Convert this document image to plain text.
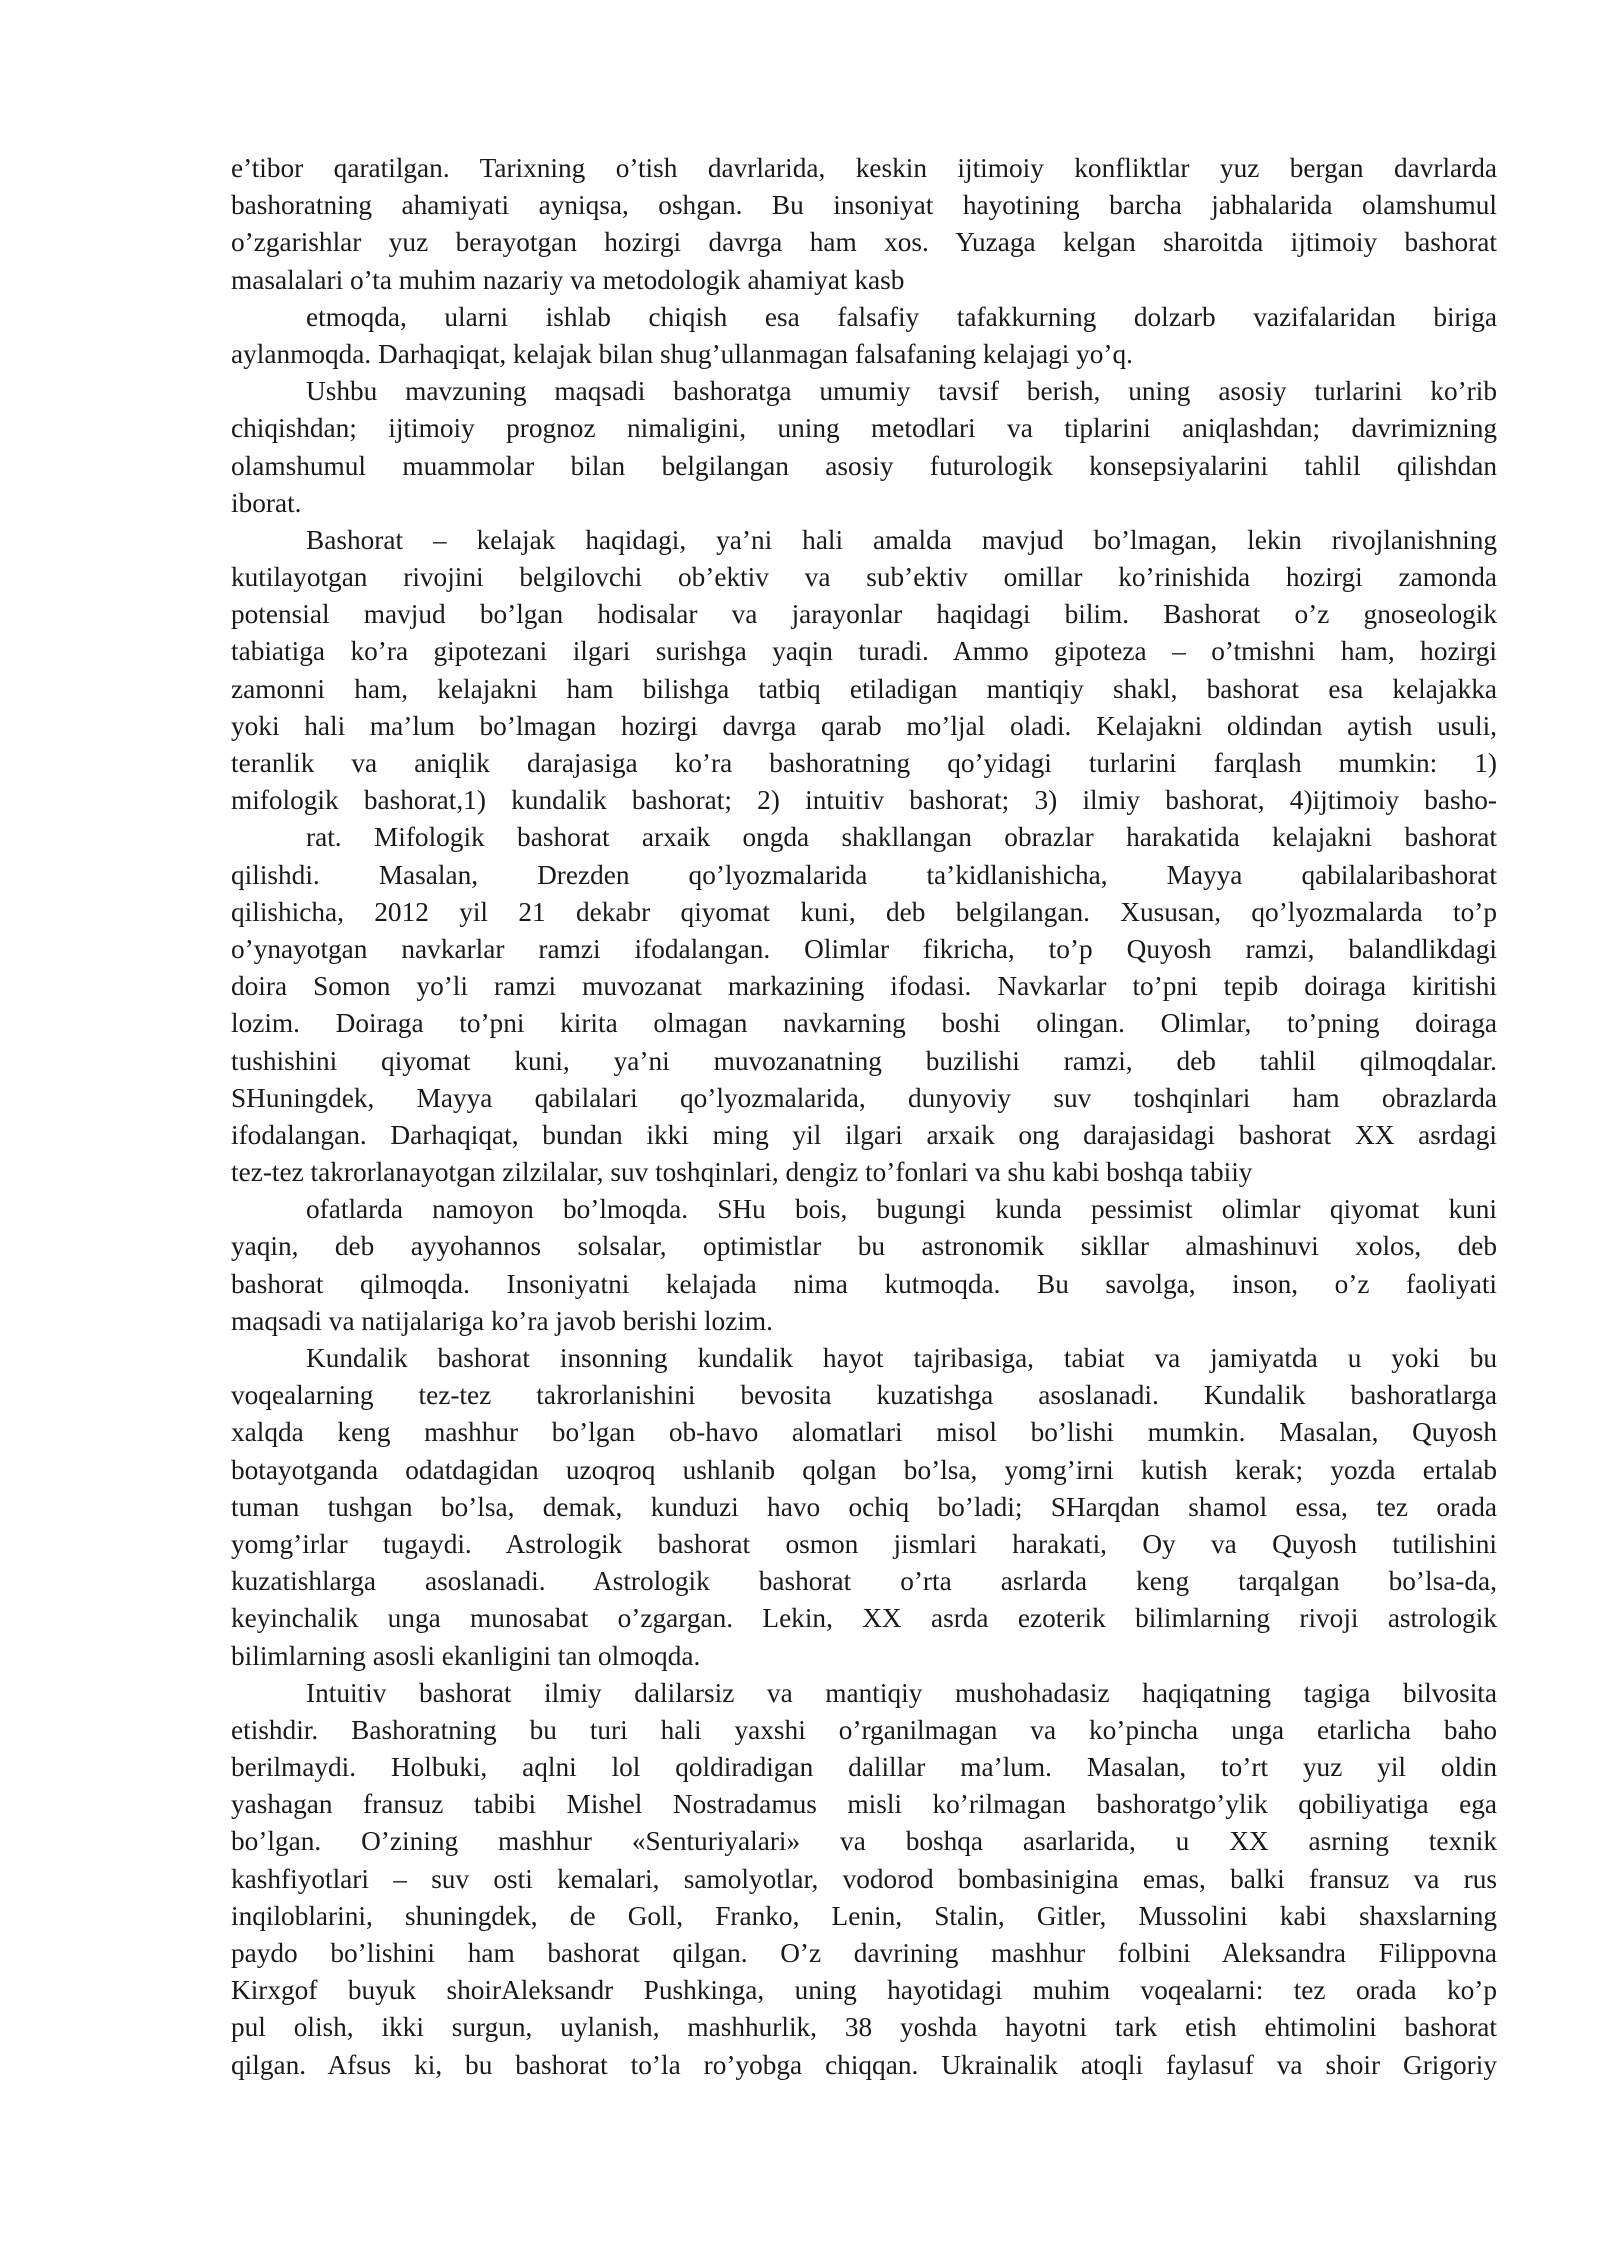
e’tibor qaratilgan. Tarixning o’tish davrlarida, keskin ijtimoiy konfliktlar yuz bergan davrlarda
bashoratning ahamiyati ayniqsa, oshgan. Bu insoniyat hayotining barcha jabhalarida olamshumul
o’zgarishlar yuz berayotgan hozirgi davrga ham xos. Yuzaga kelgan sharoitda ijtimoiy bashorat
masalalari o’ta muhim nazariy va metodologik ahamiyat kasb
etmoqda, ularni ishlab chiqish esa falsafiy tafakkurning dolzarb vazifalaridan biriga
aylanmoqda. Darhaqiqat, kelajak bilan shug’ullanmagan falsafaning kelajagi yo’q.
Ushbu mavzuning maqsadi bashoratga umumiy tavsif berish, uning asosiy turlarini ko’rib
chiqishdan; ijtimoiy prognoz nimaligini, uning metodlari va tiplarini aniqlashdan; davrimizning
olamshumul muammolar bilan belgilangan asosiy futurologik konsepsiyalarini tahlil qilishdan
iborat.
Bashorat – kelajak haqidagi, ya’ni hali amalda mavjud bo’lmagan, lekin rivojlanishning
kutilayotgan rivojini belgilovchi ob’ektiv va sub’ektiv omillar ko’rinishida hozirgi zamonda
potensial mavjud bo’lgan hodisalar va jarayonlar haqidagi bilim. Bashorat o’z gnoseologik
tabiatiga ko’ra gipotezani ilgari surishga yaqin turadi. Ammo gipoteza – o’tmishni ham, hozirgi
zamonni ham, kelajakni ham bilishga tatbiq etiladigan mantiqiy shakl, bashorat esa kelajakka
yoki hali ma’lum bo’lmagan hozirgi davrga qarab mo’ljal oladi. Kelajakni oldindan aytish usuli,
teranlik va aniqlik darajasiga ko’ra bashoratning qo’yidagi turlarini farqlash mumkin: 1)
mifologik bashorat,1) kundalik bashorat; 2) intuitiv bashorat; 3) ilmiy bashorat, 4)ijtimoiy basho-
rat. Mifologik bashorat arxaik ongda shakllangan obrazlar harakatida kelajakni bashorat
qilishdi. Masalan, Drezden qo’lyozmalarida ta’kidlanishicha, Mayya qabilalaribashorat
qilishicha, 2012 yil 21 dekabr qiyomat kuni, deb belgilangan. Xususan, qo’lyozmalarda to’p
o’ynayotgan navkarlar ramzi ifodalangan. Olimlar fikricha, to’p Quyosh ramzi, balandlikdagi
doira Somon yo’li ramzi muvozanat markazining ifodasi. Navkarlar to’pni tepib doiraga kiritishi
lozim. Doiraga to’pni kirita olmagan navkarning boshi olingan. Olimlar, to’pning doiraga
tushishini qiyomat kuni, ya’ni muvozanatning buzilishi ramzi, deb tahlil qilmoqdalar.
SHuningdek, Mayya qabilalari qo’lyozmalarida, dunyoviy suv toshqinlari ham obrazlarda
ifodalangan. Darhaqiqat, bundan ikki ming yil ilgari arxaik ong darajasidagi bashorat XX asrdagi
tez-tez takrorlanayotgan zilzilalar, suv toshqinlari, dengiz to’fonlari va shu kabi boshqa tabiiy
ofatlarda namoyon bo’lmoqda. SHu bois, bugungi kunda pessimist olimlar qiyomat kuni
yaqin, deb ayyohannos solsalar, optimistlar bu astronomik sikllar almashinuvi xolos, deb
bashorat qilmoqda. Insoniyatni kelajada nima kutmoqda. Bu savolga, inson, o’z faoliyati
maqsadi va natijalariga ko’ra javob berishi lozim.
Kundalik bashorat insonning kundalik hayot tajribasiga, tabiat va jamiyatda u yoki bu
voqealarning tez-tez takrorlanishini bevosita kuzatishga asoslanadi. Kundalik bashoratlarga
xalqda keng mashhur bo’lgan ob-havo alomatlari misol bo’lishi mumkin. Masalan, Quyosh
botayotganda odatdagidan uzoqroq ushlanib qolgan bo’lsa, yomg’irni kutish kerak; yozda ertalab
tuman tushgan bo’lsa, demak, kunduzi havo ochiq bo’ladi; SHarqdan shamol essa, tez orada
yomg’irlar tugaydi. Astrologik bashorat osmon jismlari harakati, Oy va Quyosh tutilishini
kuzatishlarga asoslanadi. Astrologik bashorat o’rta asrlarda keng tarqalgan bo’lsa-da,
keyinchalik unga munosabat o’zgargan. Lekin, XX asrda ezoterik bilimlarning rivoji astrologik
bilimlarning asosli ekanligini tan olmoqda.
Intuitiv bashorat ilmiy dalilarsiz va mantiqiy mushohadasiz haqiqatning tagiga bilvosita
etishdir. Bashoratning bu turi hali yaxshi o’rganilmagan va ko’pincha unga etarlicha baho
berilmaydi. Holbuki, aqlni lol qoldiradigan dalillar ma’lum. Masalan, to’rt yuz yil oldin
yashagan fransuz tabibi Mishel Nostradamus misli ko’rilmagan bashoratgo’ylik qobiliyatiga ega
bo’lgan. O’zining mashhur «Senturiyalari» va boshqa asarlarida, u XX asrning texnik
kashfiyotlari – suv osti kemalari, samolyotlar, vodorod bombasinigina emas, balki fransuz va rus
inqiloblarini, shuningdek, de Goll, Franko, Lenin, Stalin, Gitler, Mussolini kabi shaxslarning
paydo bo’lishini ham bashorat qilgan. O’z davrining mashhur folbini Aleksandra Filippovna
Kirxgof buyuk shoirAleksandr Pushkinga, uning hayotidagi muhim voqealarni: tez orada ko’p
pul olish, ikki surgun, uylanish, mashhurlik, 38 yoshda hayotni tark etish ehtimolini bashorat
qilgan. Afsus ki, bu bashorat to’la ro’yobga chiqqan. Ukrainalik atoqli faylasuf va shoir Grigoriy
